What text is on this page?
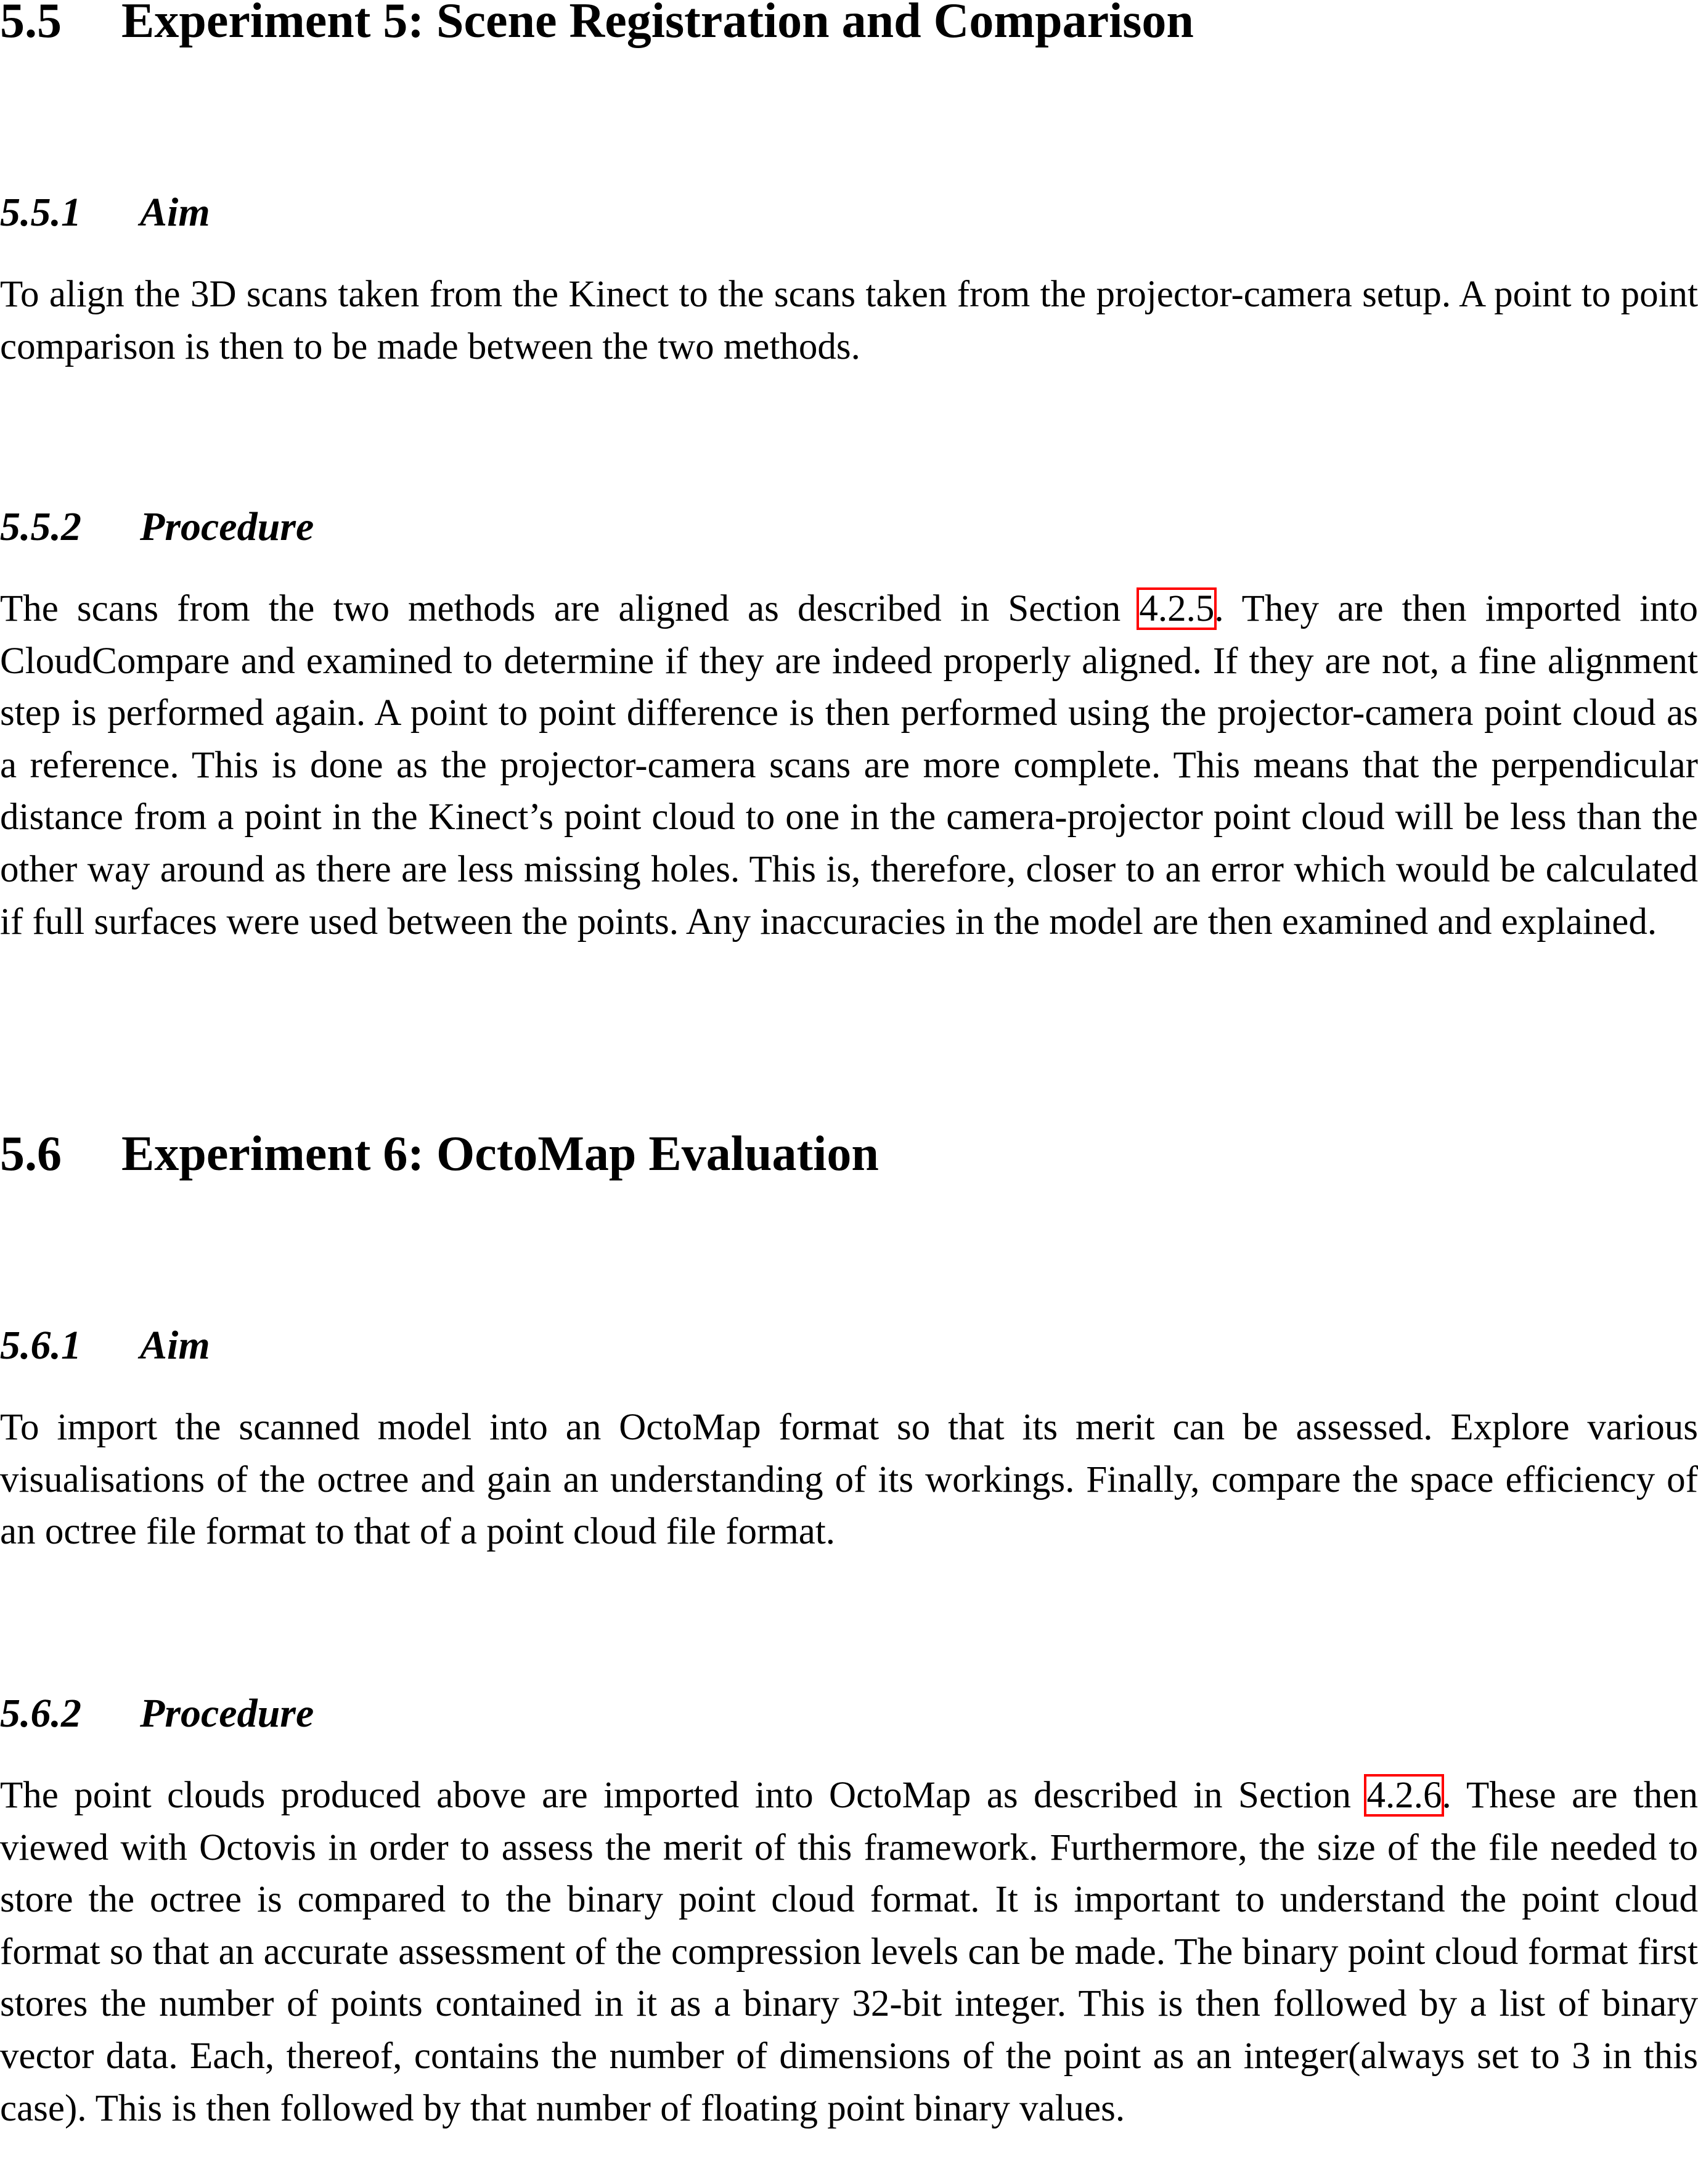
5.5 Experiment 5: Scene Registration and Comparison
5.5.1 Aim

To align the 3D scans taken from the Kinect to the scans taken from the projector-camera setup. A point to point comparison is then to be made between the two methods.

5.5.2 Procedure

The scans from the two methods are aligned as described in Section 4.2.5. They are then imported into CloudCompare and examined to determine if they are indeed properly aligned. If they are not, a fine alignment step is performed again. A point to point difference is then performed using the projector-camera point cloud as a reference. This is done as the projector-camera scans are more complete. This means that the perpendicular distance from a point in the Kinect’s point cloud to one in the camera-projector point cloud will be less than the other way around as there are less missing holes. This is, therefore, closer to an error which would be calculated if full surfaces were used between the points. Any inaccuracies in the model are then examined and explained.

5.6 Experiment 6: OctoMap Evaluation
5.6.1 Aim

To import the scanned model into an OctoMap format so that its merit can be assessed. Explore various visualisations of the octree and gain an understanding of its workings. Finally, compare the space efficiency of an octree file format to that of a point cloud file format.

5.6.2 Procedure

The point clouds produced above are imported into OctoMap as described in Section 4.2.6. These are then viewed with Octovis in order to assess the merit of this framework. Furthermore, the size of the file needed to store the octree is compared to the binary point cloud format. It is important to understand the point cloud format so that an accurate assessment of the compression levels can be made. The binary point cloud format first stores the number of points contained in it as a binary 32-bit integer. This is then followed by a list of binary vector data. Each, thereof, contains the number of dimensions of the point as an integer(always set to 3 in this case). This is then followed by that number of floating point binary values.
